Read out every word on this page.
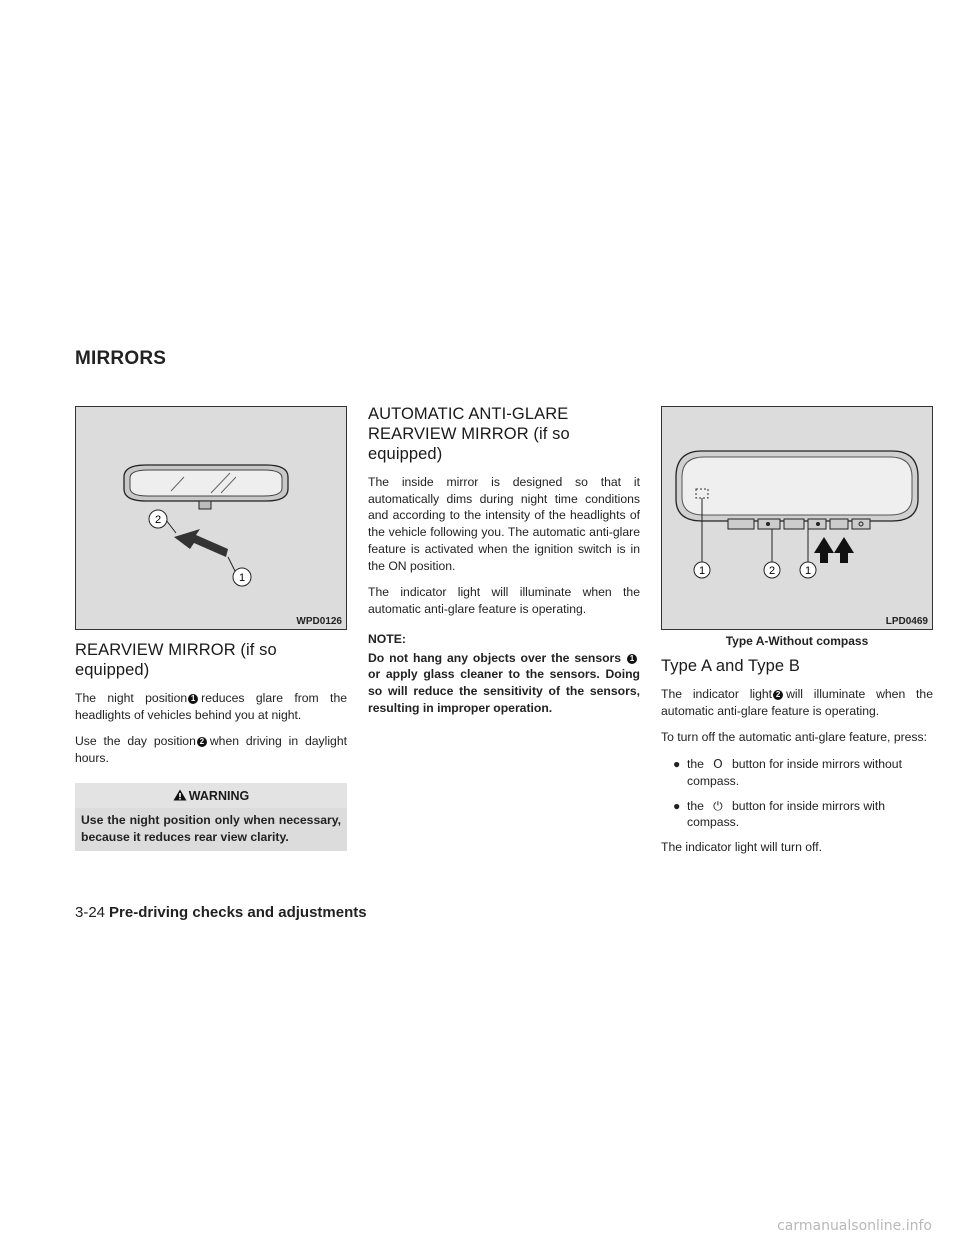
MIRRORS
2
1
WPD0126
REARVIEW MIRROR (if so equipped)

The night position 1 reduces glare from the headlights of vehicles behind you at night.

Use the day position 2 when driving in daylight hours.

WARNING
Use the night position only when necessary, because it reduces rear view clarity.
AUTOMATIC ANTI-GLARE
REARVIEW MIRROR (if so equipped)

The inside mirror is designed so that it automatically dims during night time conditions and according to the intensity of the headlights of the vehicle following you. The automatic anti-glare feature is activated when the ignition switch is in the ON position.

The indicator light will illuminate when the automatic anti-glare feature is operating.

NOTE:

Do not hang any objects over the sensors 1or apply glass cleaner to the sensors. Doing so will reduce the sensitivity of the sensors, resulting in improper operation.

1	2	1
LPD0469
Type A-Without compass
Type A and Type B

The indicator light 2 will illuminate when the automatic anti-glare feature is operating.

To turn off the automatic anti-glare feature, press:

● the O button for inside mirrors without compass.
● the ⏻ button for inside mirrors with compass.

The indicator light will turn off.

3-24 Pre-driving checks and adjustments
carmanualsonline.info
